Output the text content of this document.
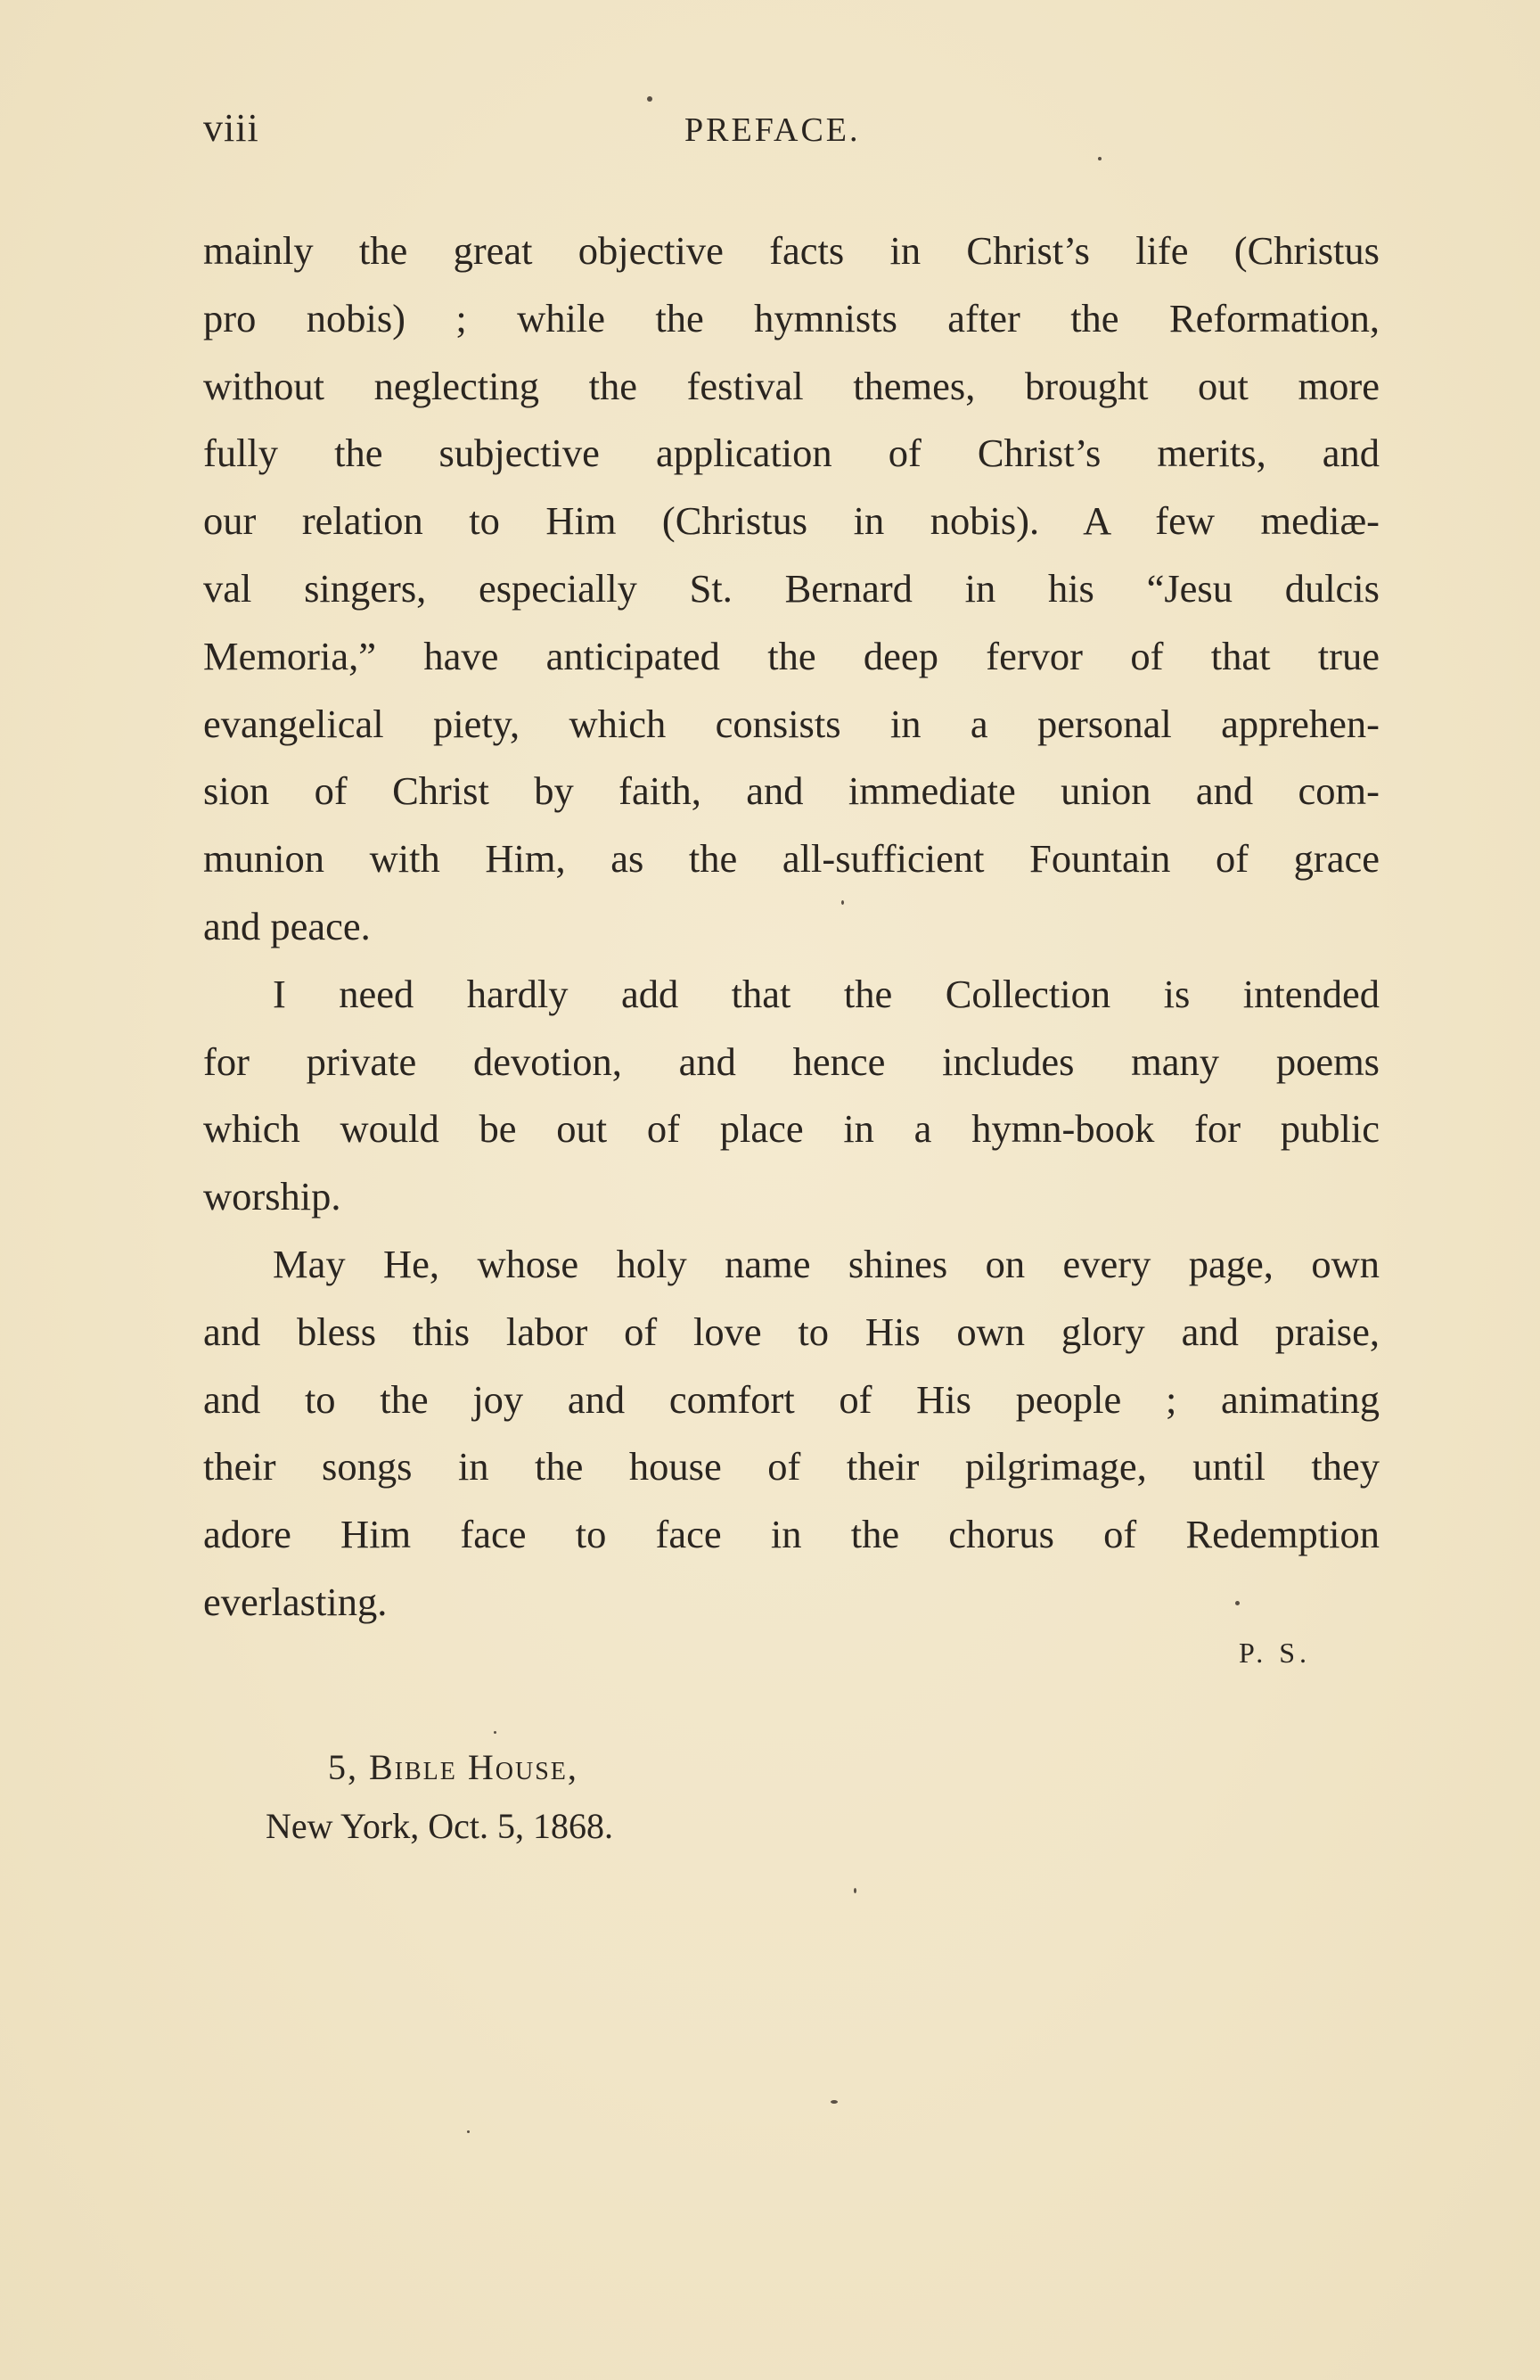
viii	PREFACE.
mainly the great objective facts in Christ’s life (Christus
pro nobis) ; while the hymnists after the Reformation,
without neglecting the festival themes, brought out more
fully the subjective application of Christ’s merits, and
our relation to Him (Christus in nobis). A few mediæ-
val singers, especially St. Bernard in his “Jesu dulcis
Memoria,” have anticipated the deep fervor of that true
evangelical piety, which consists in a personal apprehen-
sion of Christ by faith, and immediate union and com-
munion with Him, as the all-sufficient Fountain of grace
and peace.
I need hardly add that the Collection is intended
for private devotion, and hence includes many poems
which would be out of place in a hymn-book for public
worship.
May He, whose holy name shines on every page, own
and bless this labor of love to His own glory and praise,
and to the joy and comfort of His people ; animating
their songs in the house of their pilgrimage, until they
adore Him face to face in the chorus of Redemption
everlasting.
P. S.
5, Bible House,
New York, Oct. 5, 1868.
